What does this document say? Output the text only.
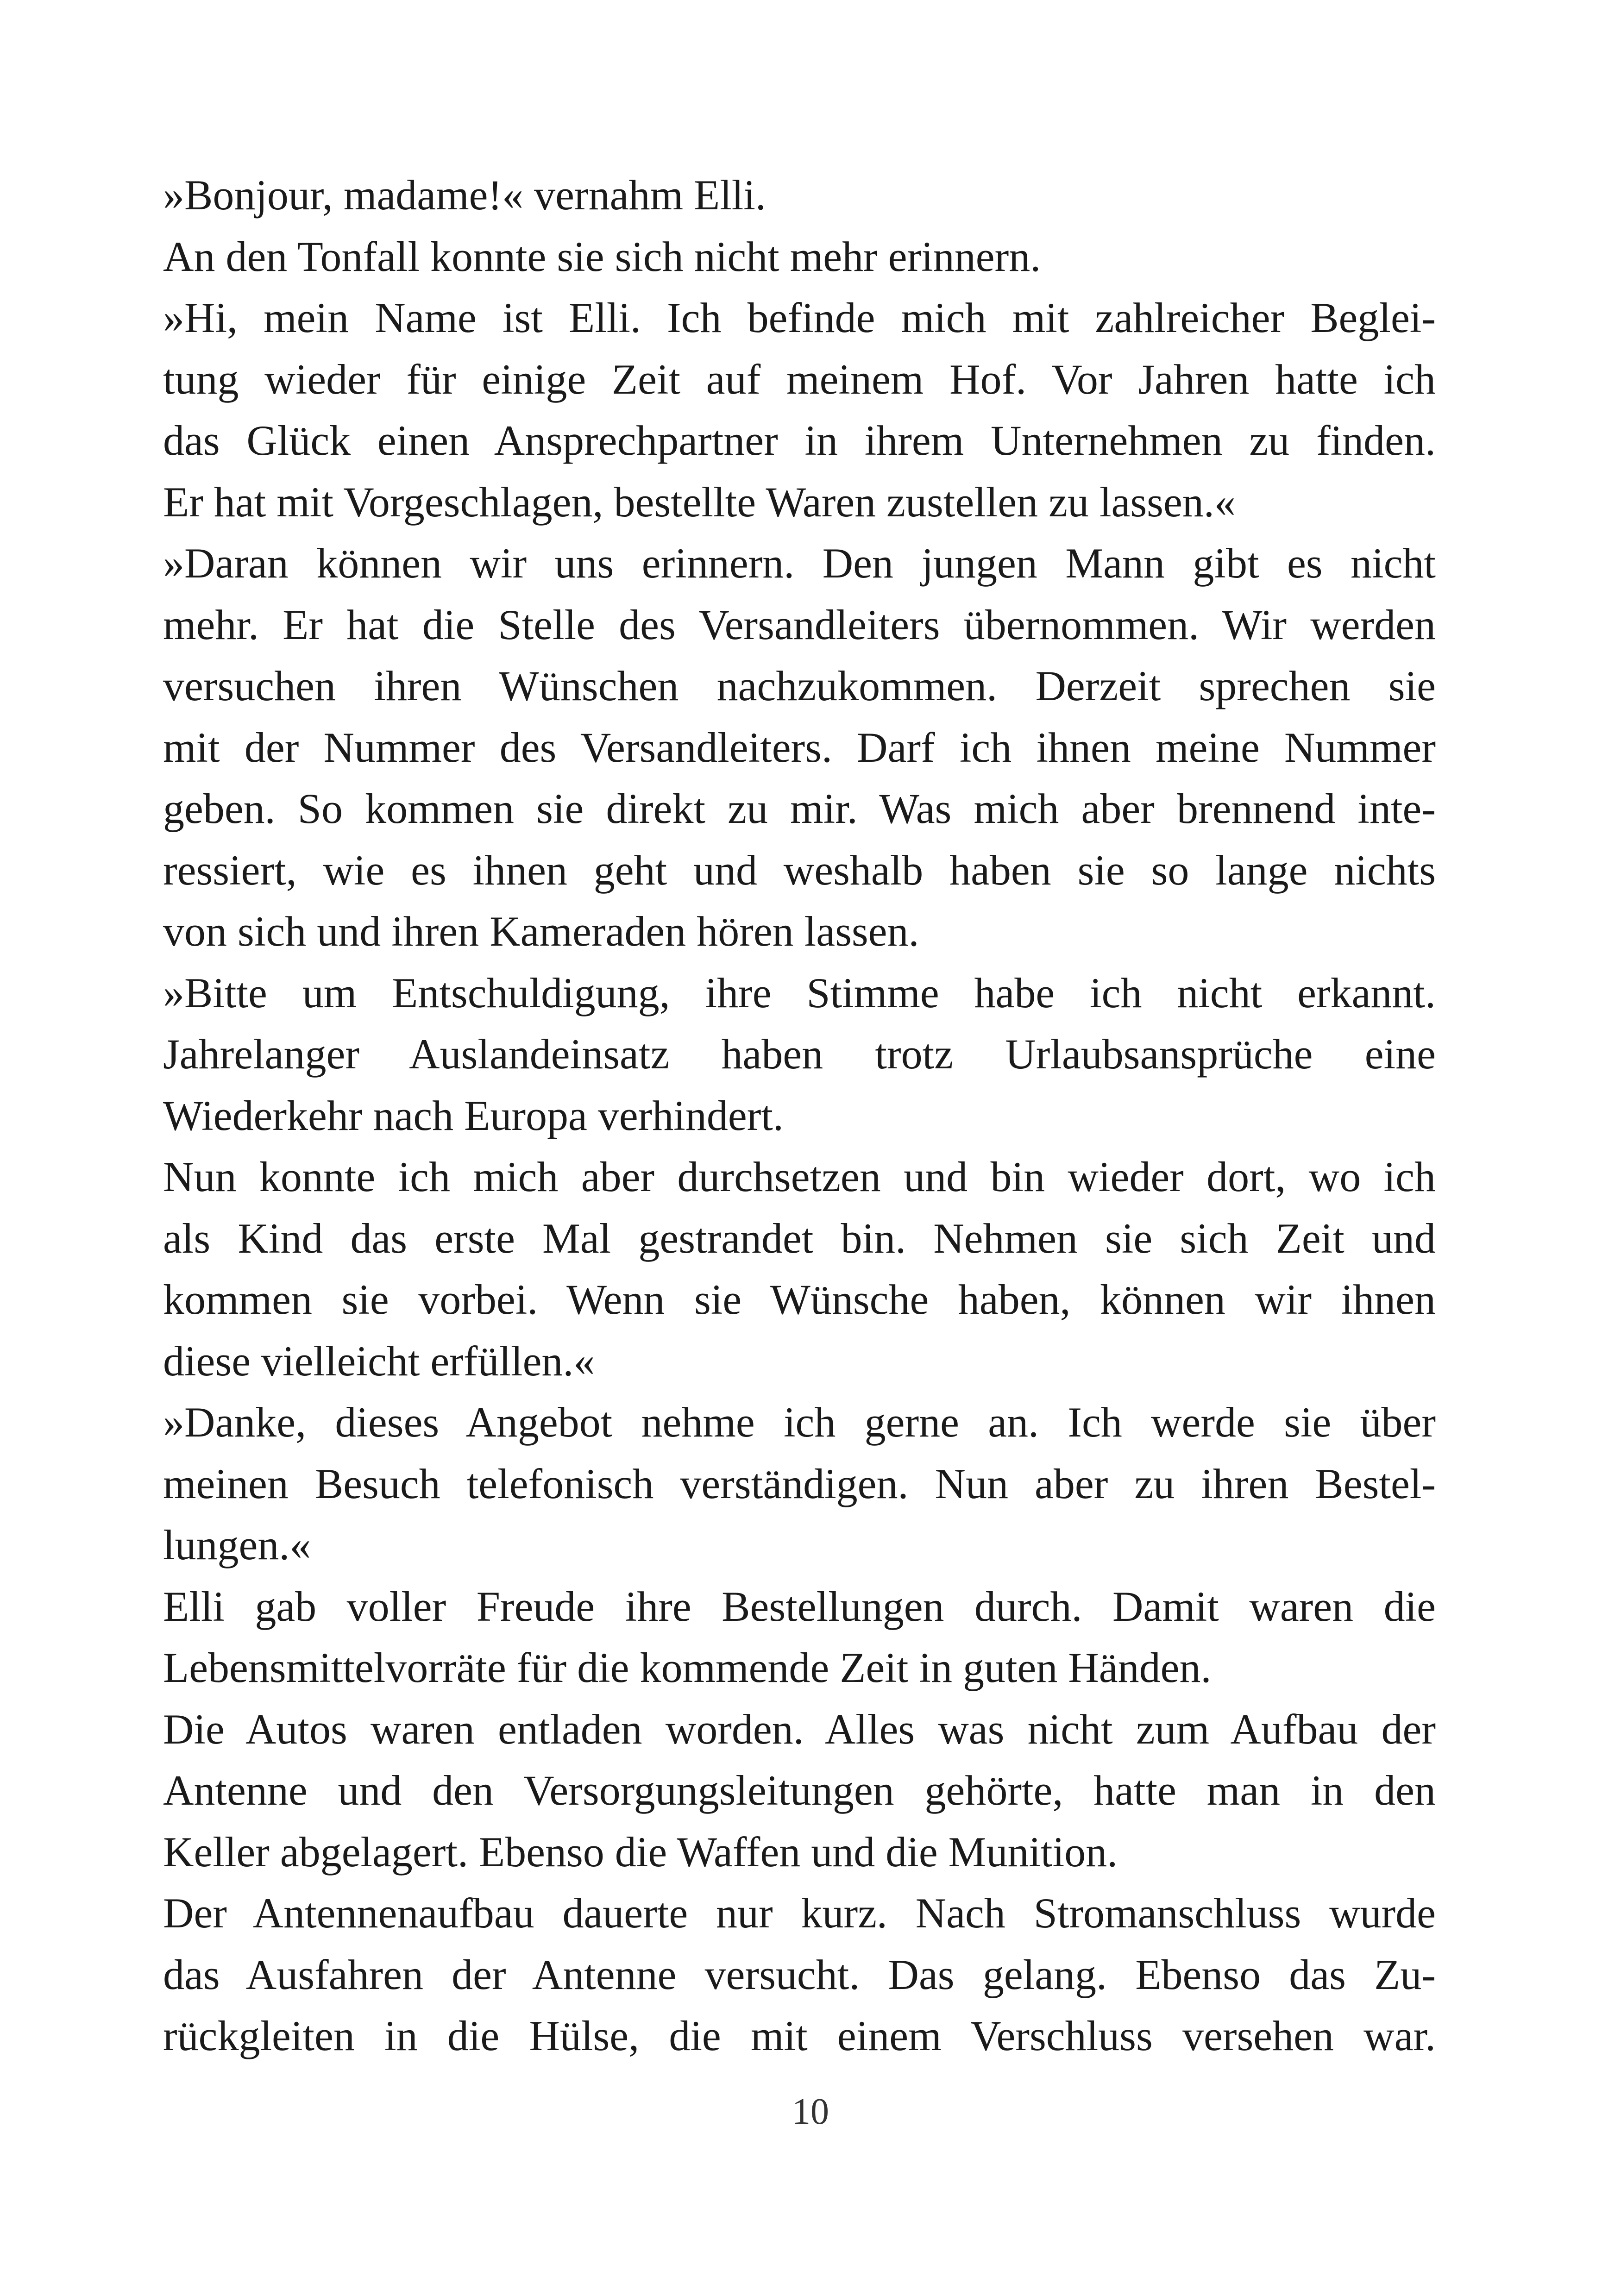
»Bonjour, madame!« vernahm Elli.
An den Tonfall konnte sie sich nicht mehr erinnern.
»Hi, mein Name ist Elli. Ich befinde mich mit zahlreicher Beglei-
tung wieder für einige Zeit auf meinem Hof. Vor Jahren hatte ich
das Glück einen Ansprechpartner in ihrem Unternehmen zu finden.
Er hat mit Vorgeschlagen, bestellte Waren zustellen zu lassen.«
»Daran können wir uns erinnern. Den jungen Mann gibt es nicht
mehr. Er hat die Stelle des Versandleiters übernommen. Wir werden
versuchen ihren Wünschen nachzukommen. Derzeit sprechen sie
mit der Nummer des Versandleiters. Darf ich ihnen meine Nummer
geben. So kommen sie direkt zu mir. Was mich aber brennend inte-
ressiert, wie es ihnen geht und weshalb haben sie so lange nichts
von sich und ihren Kameraden hören lassen.
»Bitte um Entschuldigung, ihre Stimme habe ich nicht erkannt.
Jahrelanger Auslandeinsatz haben trotz Urlaubsansprüche eine
Wiederkehr nach Europa verhindert.
Nun konnte ich mich aber durchsetzen und bin wieder dort, wo ich
als Kind das erste Mal gestrandet bin. Nehmen sie sich Zeit und
kommen sie vorbei. Wenn sie Wünsche haben, können wir ihnen
diese vielleicht erfüllen.«
»Danke, dieses Angebot nehme ich gerne an. Ich werde sie über
meinen Besuch telefonisch verständigen. Nun aber zu ihren Bestel-
lungen.«
Elli gab voller Freude ihre Bestellungen durch. Damit waren die
Lebensmittelvorräte für die kommende Zeit in guten Händen.
Die Autos waren entladen worden. Alles was nicht zum Aufbau der
Antenne und den Versorgungsleitungen gehörte, hatte man in den
Keller abgelagert. Ebenso die Waffen und die Munition.
Der Antennenaufbau dauerte nur kurz. Nach Stromanschluss wurde
das Ausfahren der Antenne versucht. Das gelang. Ebenso das Zu-
rückgleiten in die Hülse, die mit einem Verschluss versehen war.
10
